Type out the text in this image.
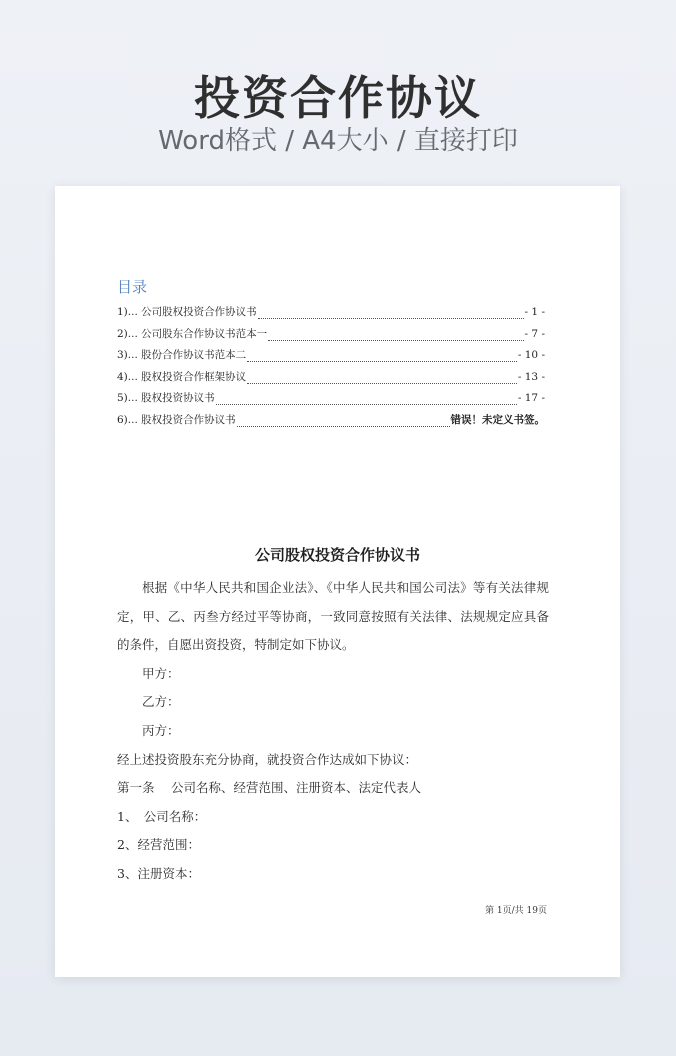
投资合作协议
Word格式 / A4大小 / 直接打印
目录
1)... 公司股权投资合作协议书	- 1 -
2)... 公司股东合作协议书范本一	- 7 -
3)... 股份合作协议书范本二	- 10 -
4)... 股权投资合作框架协议	- 13 -
5)... 股权投资协议书	- 17 -
6)... 股权投资合作协议书	错误！未定义书签。
公司股权投资合作协议书

根据《中华人民共和国企业法》、《中华人民共和国公司法》等有关法律规定，甲、乙、丙叁方经过平等协商，一致同意按照有关法律、法规规定应具备的条件，自愿出资投资，特制定如下协议。

甲方：

乙方：

丙方：

经上述投资股东充分协商，就投资合作达成如下协议：

第一条　 公司名称、经营范围、注册资本、法定代表人

1、　公司名称：

2、经营范围：

3、注册资本：

第 1页/共 19页
